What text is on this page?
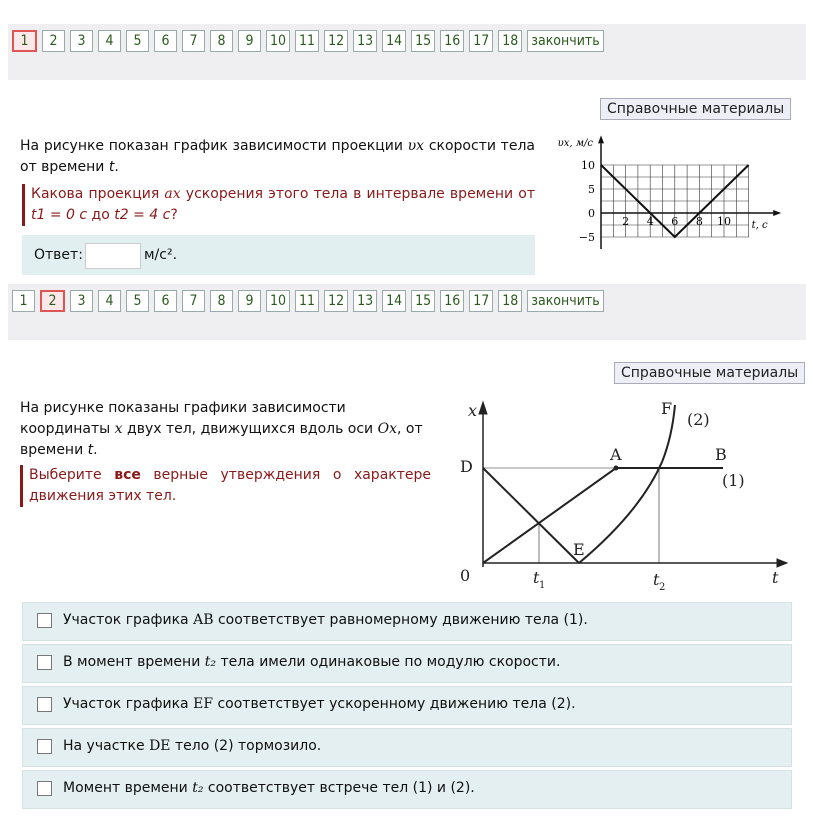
1	2	3	4	5	6	7	8	9	10 11 12 13 14 15 16 17 18 закончить
Справочные материалы
На рисунке показан график зависимости проекции υx скорости тела от времени t.
Какова проекция ax ускорения этого тела в интервале времени от t1 = 0 с до t2 = 4 с?
Ответ:	м/с².
10
5
0
−5
2 4 6 8 10
υx, м/с
t, с
1	2	3	4	5	6	7	8	9	10 11 12 13 14 15 16 17 18 закончить
Справочные материалы
На рисунке показаны графики зависимости координаты x двух тел, движущихся вдоль оси Ox, от времени t.
Выберите все верные утверждения о характере движения этих тел.
x
D
0
A	B
(1)
E
F
(2)
t
t 1	t 2
Участок графика AB соответствует равномерному движению тела (1).
В момент времени t₂ тела имели одинаковые по модулю скорости.
Участок графика EF соответствует ускоренному движению тела (2).
На участке DE тело (2) тормозило.
Момент времени t₂ соответствует встрече тел (1) и (2).
